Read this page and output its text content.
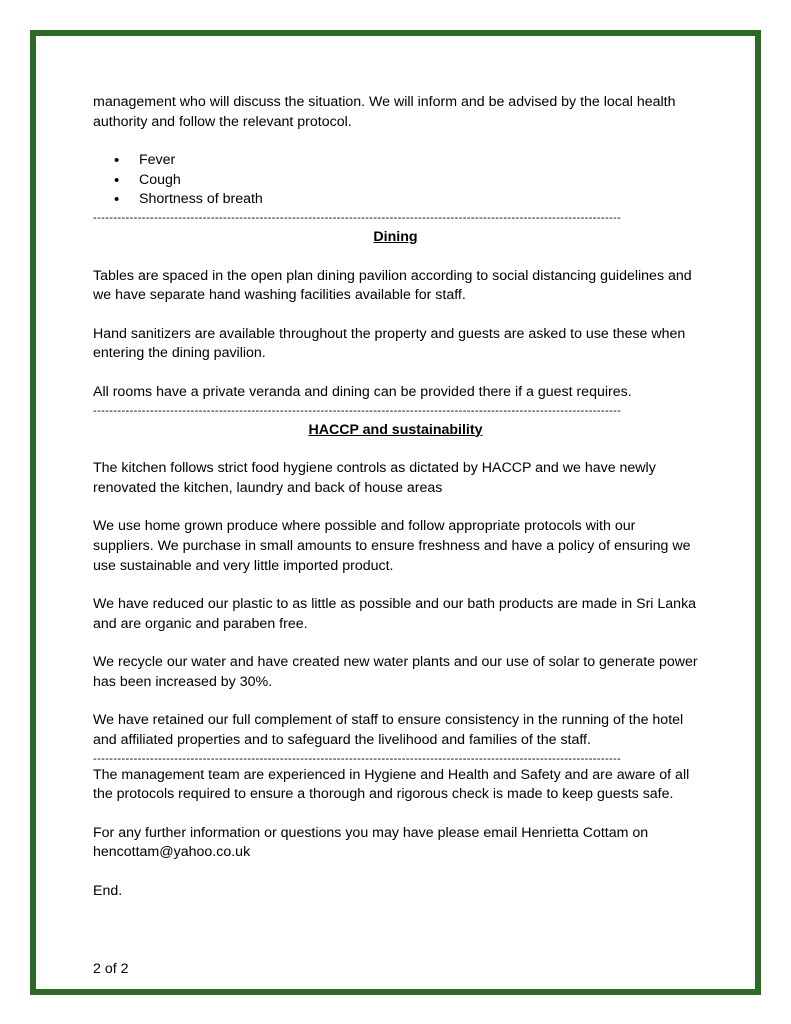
management who will discuss the situation. We will inform and be advised by the local health authority and follow the relevant protocol.

• Fever
• Cough
• Shortness of breath
----------------------------------------------------------------------------------------------------------------------------------

Dining

Tables are spaced in the open plan dining pavilion according to social distancing guidelines and we have separate hand washing facilities available for staff.

Hand sanitizers are available throughout the property and guests are asked to use these when entering the dining pavilion.

All rooms have a private veranda and dining can be provided there if a guest requires.

----------------------------------------------------------------------------------------------------------------------------------

HACCP and sustainability

The kitchen follows strict food hygiene controls as dictated by HACCP and we have newly renovated the kitchen, laundry and back of house areas

We use home grown produce where possible and follow appropriate protocols with our suppliers. We purchase in small amounts to ensure freshness and have a policy of ensuring we use sustainable and very little imported product.

We have reduced our plastic to as little as possible and our bath products are made in Sri Lanka and are organic and paraben free.

We recycle our water and have created new water plants and our use of solar to generate power has been increased by 30%.

We have retained our full complement of staff to ensure consistency in the running of the hotel and affiliated properties and to safeguard the livelihood and families of the staff.

----------------------------------------------------------------------------------------------------------------------------------

The management team are experienced in Hygiene and Health and Safety and are aware of all the protocols required to ensure a thorough and rigorous check is made to keep guests safe.

For any further information or questions you may have please email Henrietta Cottam on hencottam@yahoo.co.uk

End.

2 of 2
